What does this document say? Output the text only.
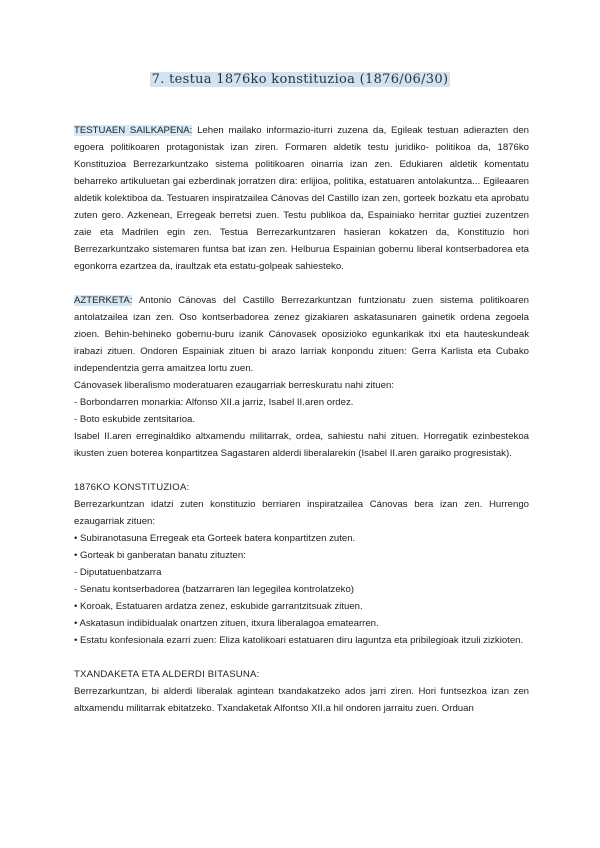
7. testua 1876ko konstituzioa (1876/06/30)

TESTUAEN SAILKAPENA: Lehen mailako informazio-iturri zuzena da, Egileak testuan adierazten den egoera politikoaren protagonistak izan ziren. Formaren aldetik testu juridiko- politikoa da, 1876ko Konstituzioa Berrezarkuntzako sistema politikoaren oinarria izan zen. Edukiaren aldetik komentatu beharreko artikuluetan gai ezberdinak jorratzen dira: erlijioa, politika, estatuaren antolakuntza... Egileaaren aldetik kolektiboa da. Testuaren inspiratzailea Cánovas del Castillo izan zen, gorteek bozkatu eta aprobatu zuten gero. Azkenean, Erregeak berretsi zuen. Testu publikoa da, Espainiako herritar guztiei zuzentzen zaie eta Madrilen egin zen. Testua Berrezarkuntzaren hasieran kokatzen da, Konstituzio hori Berrezarkuntzako sistemaren funtsa bat izan zen. Helburua Espainian gobernu liberal kontserbadorea eta egonkorra ezartzea da, iraultzak eta estatu-golpeak sahiesteko.

AZTERKETA: Antonio Cánovas del Castillo Berrezarkuntzan funtzionatu zuen sistema politikoaren antolatzailea izan zen. Oso kontserbadorea zenez gizakiaren askatasunaren gainetik ordena zegoela zioen. Behin-behineko gobernu-buru izanik Cánovasek oposizioko egunkarikak itxi eta hauteskundeak irabazi zituen. Ondoren Espainiak zituen bi arazo larriak konpondu zituen: Gerra Karlista eta Cubako independentzia gerra amaitzea lortu zuen.

Cánovasek liberalismo moderatuaren ezaugarriak berreskuratu nahi zituen:

- Borbondarren monarkia: Alfonso XII.a jarriz, Isabel II.aren ordez.

- Boto eskubide zentsitarioa.

Isabel II.aren erreginaldiko altxamendu militarrak, ordea, sahiestu nahi zituen. Horregatik ezinbestekoa ikusten zuen boterea konpartitzea Sagastaren alderdi liberalarekin (Isabel II.aren garaiko progresistak).

1876KO KONSTITUZIOA:

Berrezarkuntzan idatzi zuten konstituzio berriaren inspiratzailea Cánovas bera izan zen. Hurrengo ezaugarriak zituen:

• Subiranotasuna Erregeak eta Gorteek batera konpartitzen zuten.

• Gorteak bi ganberatan banatu zituzten:

- Diputatuenbatzarra

- Senatu kontserbadorea (batzarraren lan legegilea kontrolatzeko)

• Koroak, Estatuaren ardatza zenez, eskubide garrantzitsuak zituen.

• Askatasun indibidualak onartzen zituen, itxura liberalagoa ematearren.

• Estatu konfesionala ezarri zuen: Eliza katolikoari estatuaren diru laguntza eta pribilegioak itzuli zizkioten.

TXANDAKETA ETA ALDERDI BITASUNA:

Berrezarkuntzan, bi alderdi liberalak agintean txandakatzeko ados jarri ziren. Hori funtsezkoa izan zen altxamendu militarrak ebitatzeko. Txandaketak Alfontso XII.a hil ondoren jarraitu zuen. Orduan
